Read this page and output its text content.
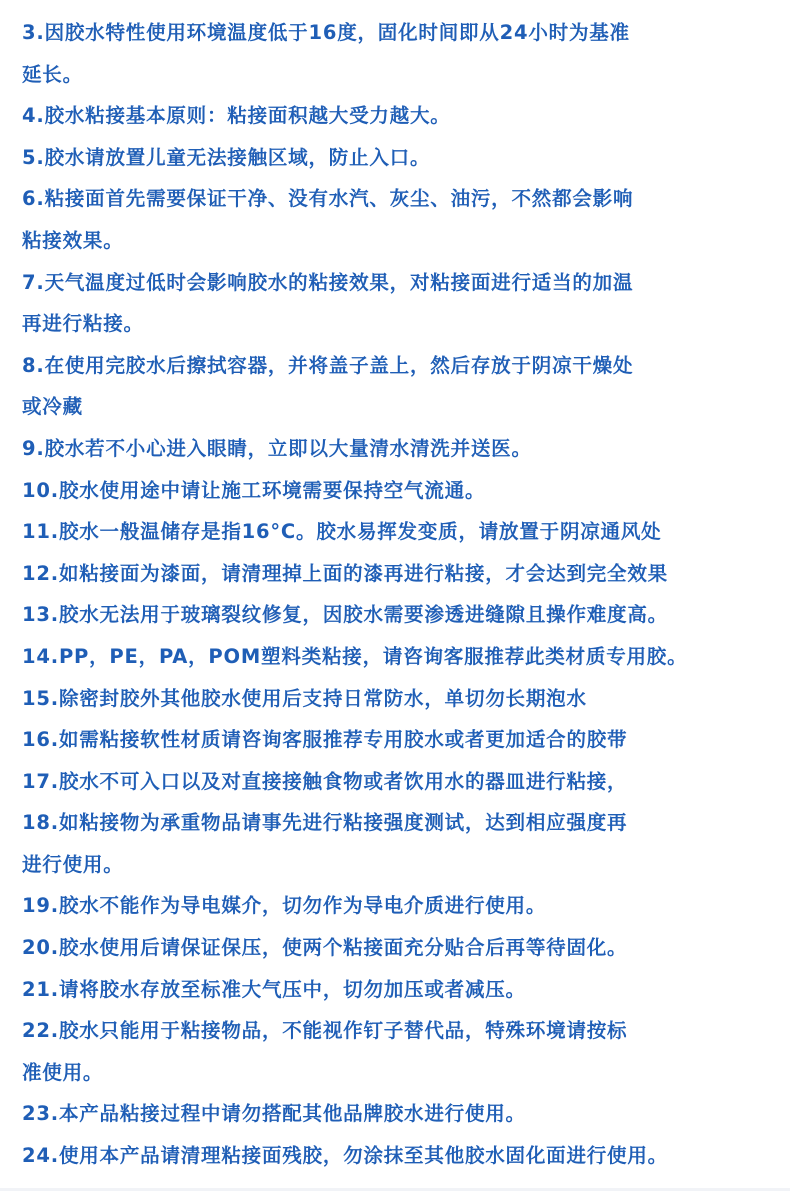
3.因胶水特性使用环境温度低于16度，固化时间即从24小时为基准
延长。
4.胶水粘接基本原则：粘接面积越大受力越大。
5.胶水请放置儿童无法接触区域，防止入口。
6.粘接面首先需要保证干净、没有水汽、灰尘、油污，不然都会影响
粘接效果。
7.天气温度过低时会影响胶水的粘接效果，对粘接面进行适当的加温
再进行粘接。
8.在使用完胶水后擦拭容器，并将盖子盖上，然后存放于阴凉干燥处
或冷藏
9.胶水若不小心进入眼睛，立即以大量清水清洗并送医。
10.胶水使用途中请让施工环境需要保持空气流通。
11.胶水一般温储存是指16°C。胶水易挥发变质，请放置于阴凉通风处
12.如粘接面为漆面，请清理掉上面的漆再进行粘接，才会达到完全效果
13.胶水无法用于玻璃裂纹修复，因胶水需要渗透进缝隙且操作难度高。
14.PP，PE，PA，POM塑料类粘接，请咨询客服推荐此类材质专用胶。
15.除密封胶外其他胶水使用后支持日常防水，单切勿长期泡水
16.如需粘接软性材质请咨询客服推荐专用胶水或者更加适合的胶带
17.胶水不可入口以及对直接接触食物或者饮用水的器皿进行粘接，
18.如粘接物为承重物品请事先进行粘接强度测试，达到相应强度再
进行使用。
19.胶水不能作为导电媒介，切勿作为导电介质进行使用。
20.胶水使用后请保证保压，使两个粘接面充分贴合后再等待固化。
21.请将胶水存放至标准大气压中，切勿加压或者减压。
22.胶水只能用于粘接物品，不能视作钉子替代品，特殊环境请按标
准使用。
23.本产品粘接过程中请勿搭配其他品牌胶水进行使用。
24.使用本产品请清理粘接面残胶，勿涂抹至其他胶水固化面进行使用。
